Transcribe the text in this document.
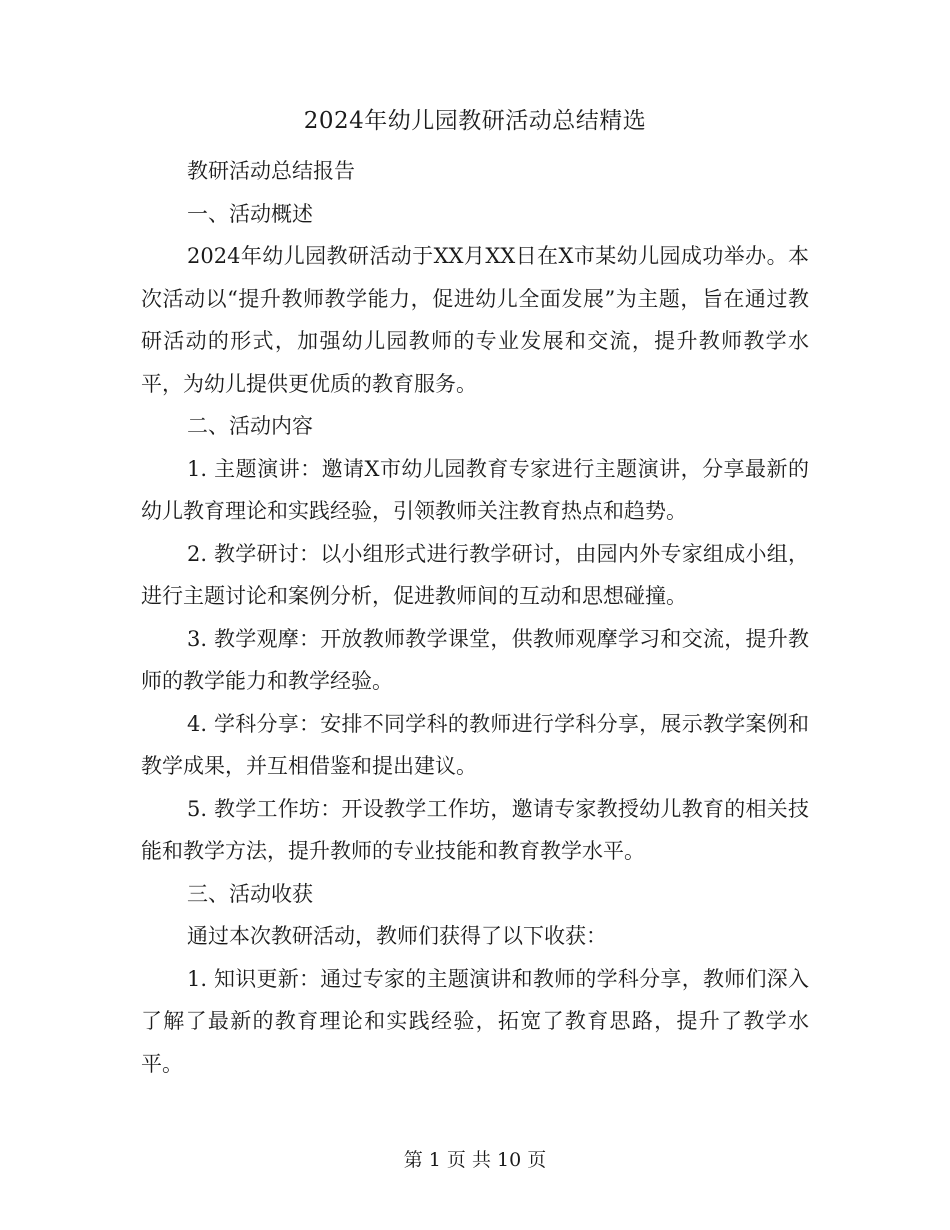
2024年幼儿园教研活动总结精选

教研活动总结报告

一、活动概述

2024年幼儿园教研活动于XX月XX日在X市某幼儿园成功举办。本次活动以“提升教师教学能力，促进幼儿全面发展”为主题，旨在通过教研活动的形式，加强幼儿园教师的专业发展和交流，提升教师教学水平，为幼儿提供更优质的教育服务。

二、活动内容

1. 主题演讲：邀请X市幼儿园教育专家进行主题演讲，分享最新的幼儿教育理论和实践经验，引领教师关注教育热点和趋势。

2. 教学研讨：以小组形式进行教学研讨，由园内外专家组成小组，进行主题讨论和案例分析，促进教师间的互动和思想碰撞。

3. 教学观摩：开放教师教学课堂，供教师观摩学习和交流，提升教师的教学能力和教学经验。

4. 学科分享：安排不同学科的教师进行学科分享，展示教学案例和教学成果，并互相借鉴和提出建议。

5. 教学工作坊：开设教学工作坊，邀请专家教授幼儿教育的相关技能和教学方法，提升教师的专业技能和教育教学水平。

三、活动收获

通过本次教研活动，教师们获得了以下收获：

1. 知识更新：通过专家的主题演讲和教师的学科分享，教师们深入了解了最新的教育理论和实践经验，拓宽了教育思路，提升了教学水平。

第 1 页 共 10 页
